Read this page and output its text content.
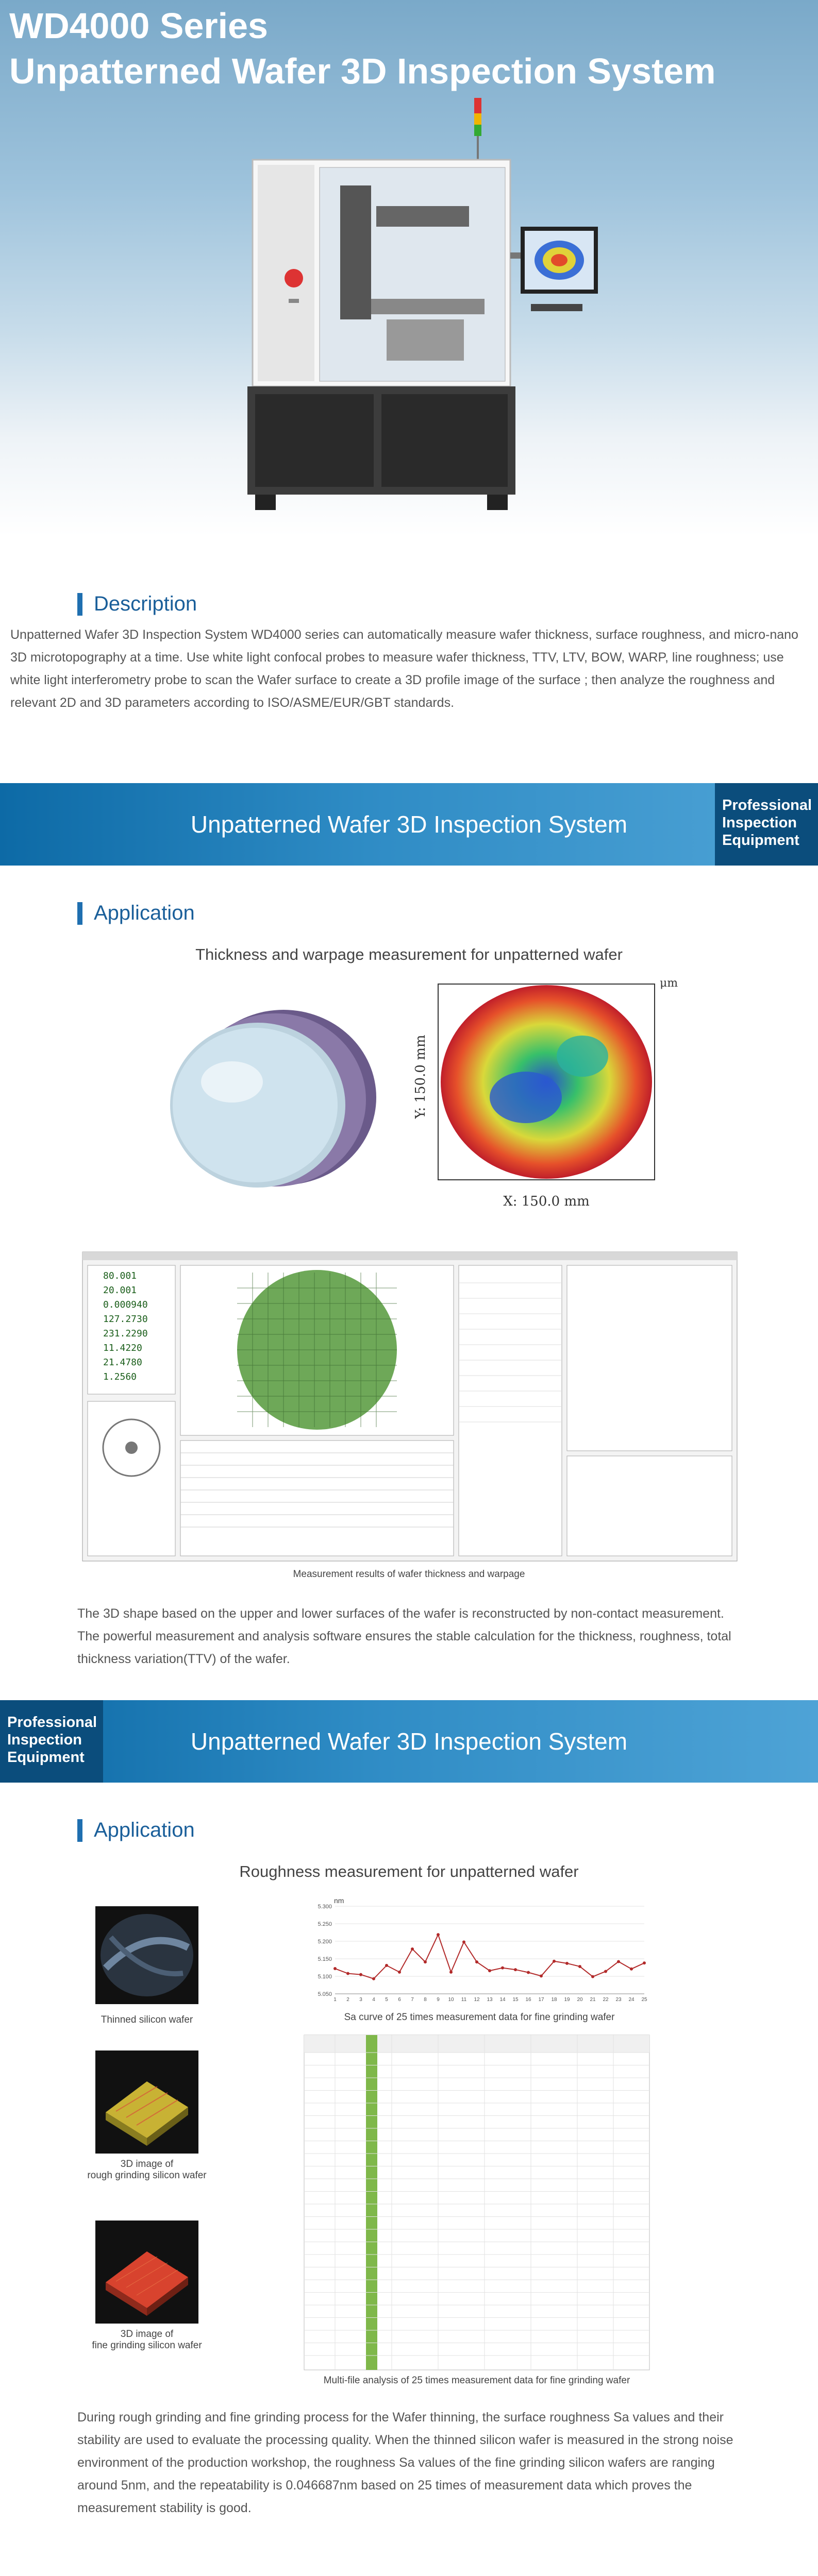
WD4000 Series
Unpatterned Wafer 3D Inspection System
Description

Unpatterned Wafer 3D Inspection System WD4000 series can automatically measure wafer thickness, surface roughness, and micro-nano 3D microtopography at a time. Use white light confocal probes to measure wafer thickness, TTV, LTV, BOW, WARP, line roughness; use white light interferometry probe to scan the Wafer surface to create a 3D profile image of the surface ; then analyze the roughness and relevant 2D and 3D parameters according to ISO/ASME/EUR/GBT standards.

Unpatterned Wafer 3D Inspection System
Professional
Inspection
Equipment
Application
Thickness and warpage measurement for unpatterned wafer
μm
Y: 150.0 mm
X: 150.0 mm
80.001
20.001
0.000940
127.2730
231.2290
11.4220
21.4780
1.2560
Measurement results of wafer thickness and warpage

The 3D shape based on the upper and lower surfaces of the wafer is reconstructed by non-contact measurement. The powerful measurement and analysis software ensures the stable calculation for the thickness, roughness, total thickness variation(TTV) of the wafer.

Professional
Inspection
Equipment
Unpatterned Wafer 3D Inspection System
Application
Roughness measurement for unpatterned wafer
Thinned silicon wafer
3D image of
rough grinding silicon wafer
3D image of
fine grinding silicon wafer
nm
5.300
5.250
5.200
5.150
5.100
5.050
1 2 3 4 5 6 7 8 9 10 11 12 13 14 15 16 17 18 19 20 21 22 23 24 25
Sa curve of 25 times measurement data for fine grinding wafer
Multi-file analysis of 25 times measurement data for fine grinding wafer

During rough grinding and fine grinding process for the Wafer thinning, the surface roughness Sa values and their stability are used to evaluate the processing quality. When the thinned silicon wafer is measured in the strong noise environment of the production workshop, the roughness Sa values of the fine grinding silicon wafers are ranging around 5nm, and the repeatability is 0.046687nm based on 25 times of measurement data which proves the measurement stability is good.
